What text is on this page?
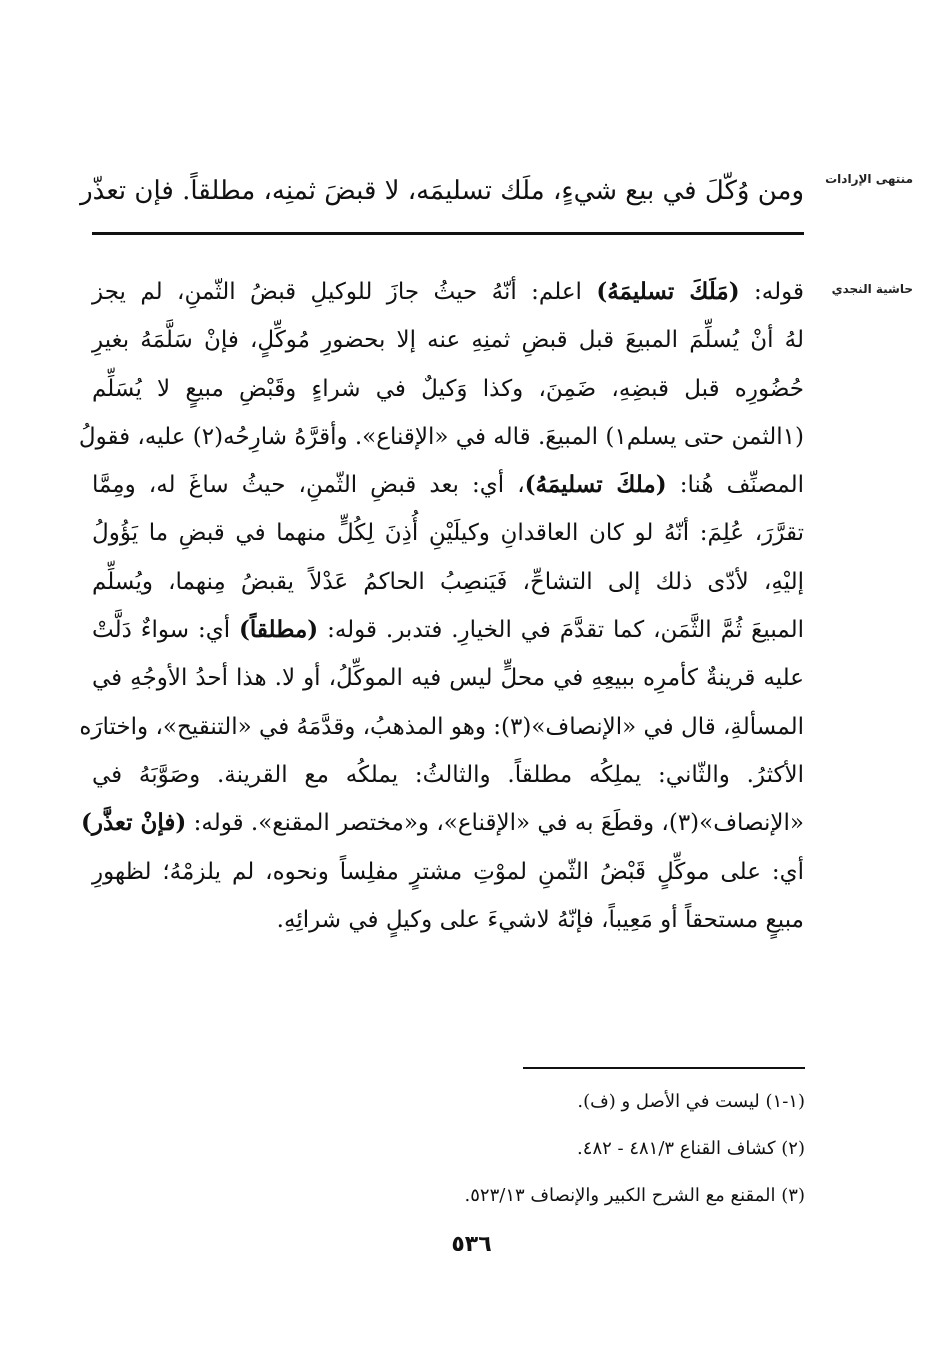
منتهى الإرادات
حاشية النجدي
ومن وُكّلَ في بيع شيءٍ، ملَك تسليمَه، لا قبضَ ثمنِه، مطلقاً. فإن تعذّر
قوله: (مَلَكَ تسليمَهُ) اعلم: أنّهُ حيثُ جازَ للوكيلِ قبضُ الثّمنِ، لم يجز
لهُ أنْ يُسلِّمَ المبيعَ قبل قبضِ ثمنِهِ عنه إلا بحضورِ مُوكِّلٍ، فإنْ سَلَّمَهُ بغيرِ
حُضُورِه قبل قبضِهِ، ضَمِنَ، وكذا وَكيلٌ في شراءٍ وقَبْضِ مبيعٍ لا يُسَلِّم
(١الثمن حتى يسلم١) المبيعَ. قاله في «الإقناع». وأقرَّهُ شارِحُه(٢) عليه، فقولُ
المصنِّف هُنا: (ملكَ تسليمَهُ)، أي: بعد قبضِ الثّمنِ، حيثُ ساغَ له، ومِمَّا
تقرَّرَ، عُلِمَ: أنّهُ لو كان العاقدانِ وكيلَيْنِ أُذِنَ لِكُلٍّ منهما في قبضِ ما يَؤُولُ
إليْهِ، لأدّى ذلك إلى التشاحِّ، فَيَنصِبُ الحاكمُ عَدْلاً يقبضُ مِنهما، ويُسلِّم
المبيعَ ثُمَّ الثَّمَن، كما تقدَّمَ في الخيارِ. فتدبر. قوله: (مطلقاً) أي: سواءٌ دَلَّتْ
عليه قرينةٌ كأمرِه ببيعِهِ في محلٍّ ليس فيه الموكِّلُ، أو لا. هذا أحدُ الأوجُهِ في
المسألةِ، قال في «الإنصاف»(٣): وهو المذهبُ، وقدَّمَهُ في «التنقيح»، واختارَه
الأكثرُ. والثّاني: يملِكُه مطلقاً. والثالثُ: يملكُه مع القرينة. وصَوَّبَهُ في
«الإنصاف»(٣)، وقطَعَ به في «الإقناع»، و«مختصر المقنع». قوله: (فإنْ تعذَّر)
أي: على موكِّلٍ قَبْضُ الثّمنِ لموْتِ مشترٍ مفلِساً ونحوه، لم يلزمْهُ؛ لظهورِ
مبيعٍ مستحقاً أو مَعِيباً، فإنّهُ لاشيءَ على وكيلٍ في شرائِهِ.
(١-١) ليست في الأصل و (ف).
(٢) كشاف القناع ٤٨١/٣ - ٤٨٢.
(٣) المقنع مع الشرح الكبير والإنصاف ٥٢٣/١٣.
٥٣٦
